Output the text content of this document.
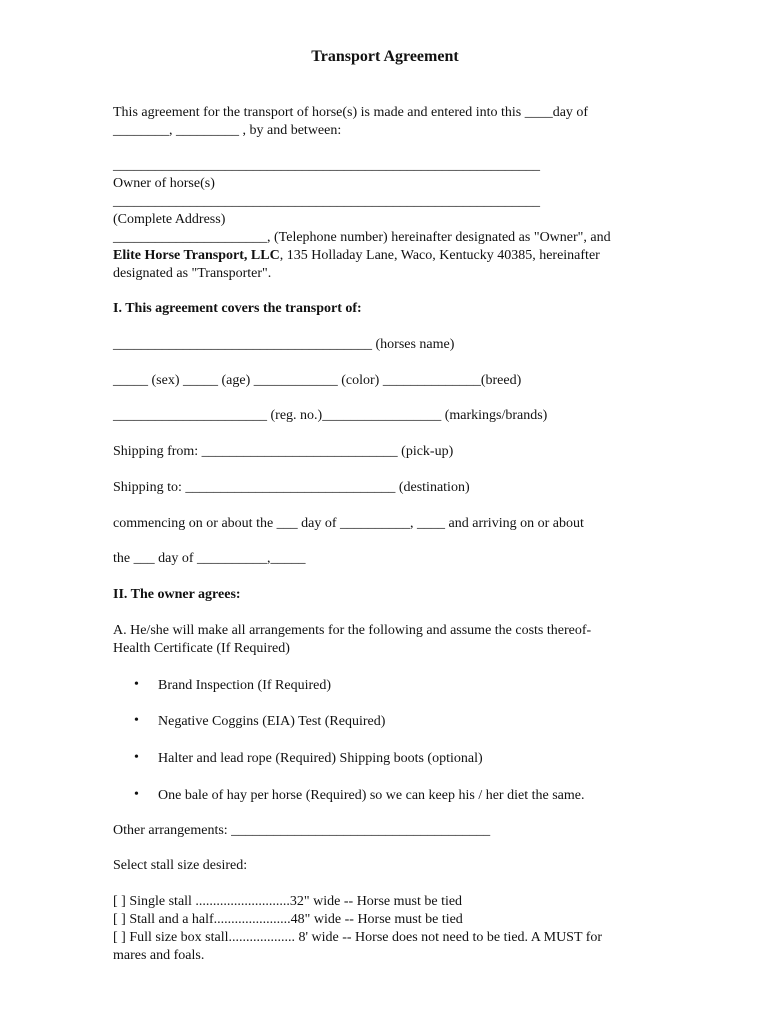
Transport Agreement
This agreement for the transport of horse(s) is made and entered into this ____day of
________, _________ , by and between:
_____________________________________________________________
Owner of horse(s)
_____________________________________________________________
(Complete Address)
______________________, (Telephone number) hereinafter designated as "Owner", and
Elite Horse Transport, LLC, 135 Holladay Lane, Waco, Kentucky 40385, hereinafter
designated as "Transporter".
I. This agreement covers the transport of:
_____________________________________ (horses name)
_____ (sex) _____ (age) ____________ (color) ______________(breed)
______________________ (reg. no.)_________________ (markings/brands)
Shipping from: ____________________________ (pick-up)
Shipping to: ______________________________ (destination)
commencing on or about the ___ day of __________, ____ and arriving on or about
the ___ day of __________,_____
II. The owner agrees:
A. He/she will make all arrangements for the following and assume the costs thereof-
Health Certificate (If Required)
• Brand Inspection (If Required)
• Negative Coggins (EIA) Test (Required)
• Halter and lead rope (Required) Shipping boots (optional)
• One bale of hay per horse (Required) so we can keep his / her diet the same.
Other arrangements: _____________________________________
Select stall size desired:
[ ] Single stall ...........................32" wide -- Horse must be tied
[ ] Stall and a half......................48" wide -- Horse must be tied
[ ] Full size box stall................... 8' wide -- Horse does not need to be tied. A MUST for
mares and foals.
